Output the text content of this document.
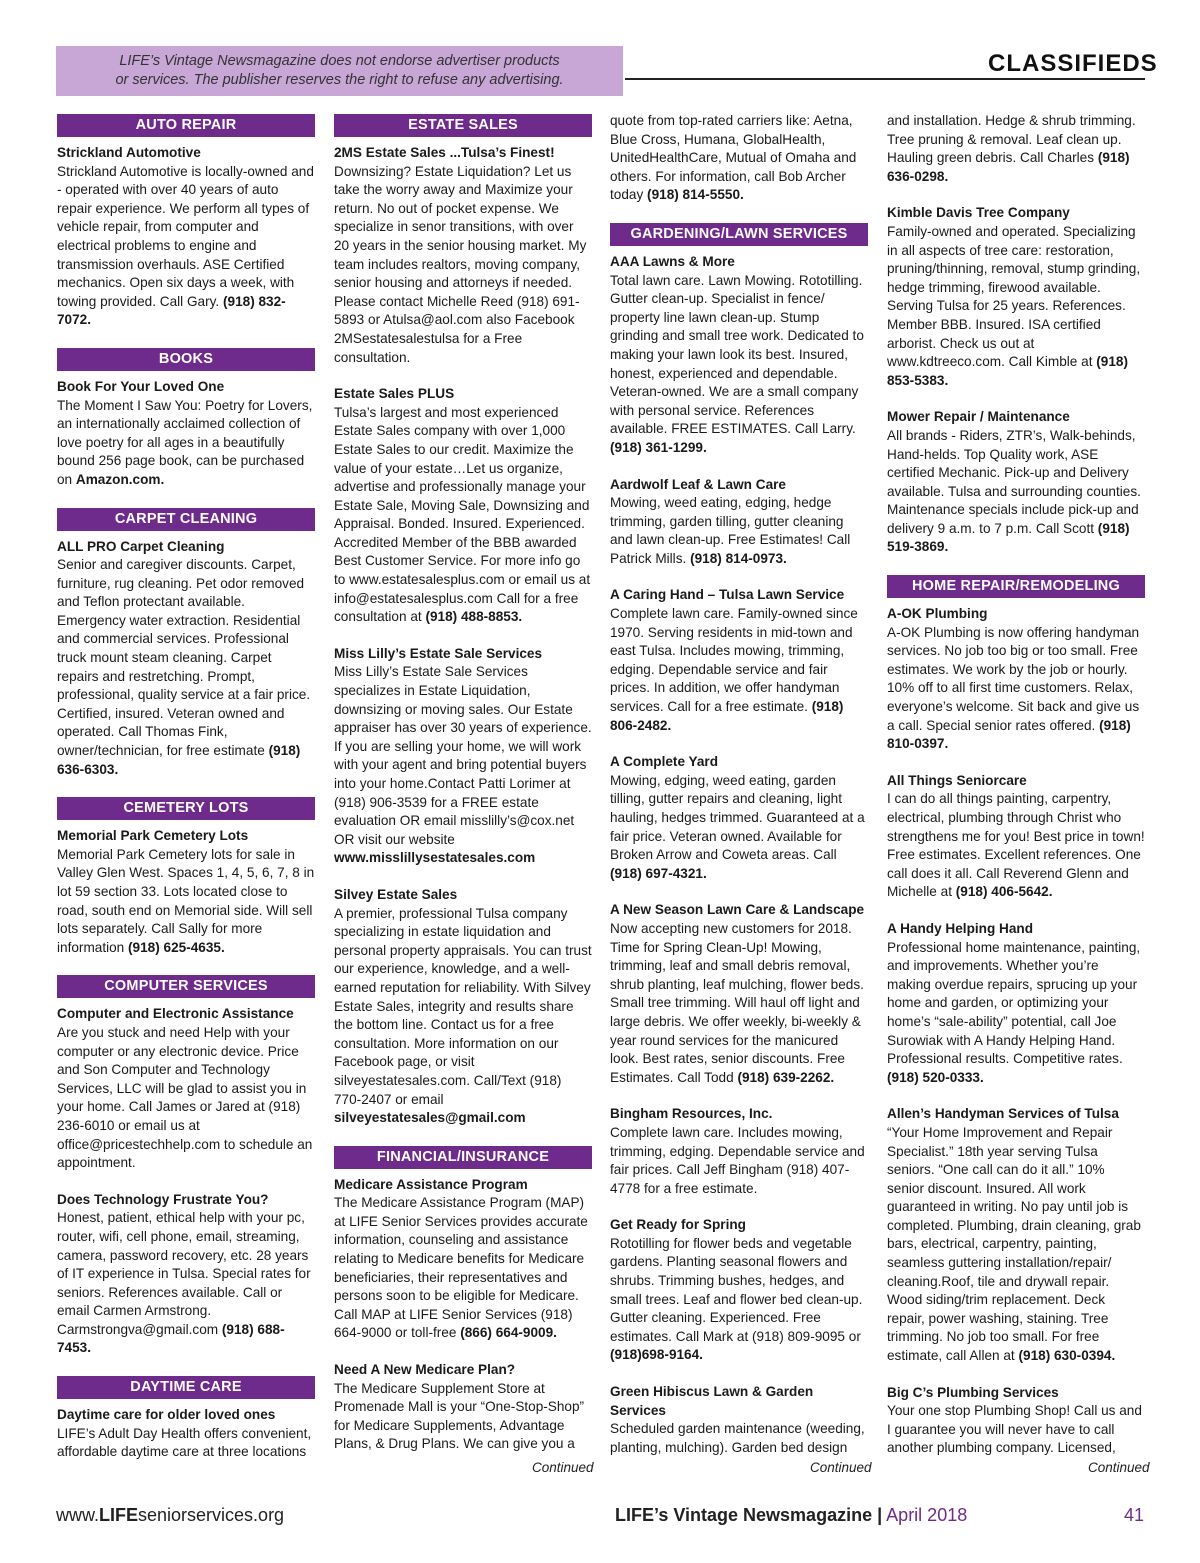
LIFE’s Vintage Newsmagazine does not endorse advertiser products
or services. The publisher reserves the right to refuse any advertising.
CLASSIFIEDS
AUTO REPAIR
Strickland Automotive
Strickland Automotive is locally-owned and - operated with over 40 years of auto repair experience. We perform all types of vehicle repair, from computer and electrical problems to engine and transmission overhauls. ASE Certified mechanics. Open six days a week, with towing provided. Call Gary. (918) 832-7072.
BOOKS
Book For Your Loved One
The Moment I Saw You: Poetry for Lovers, an internationally acclaimed collection of love poetry for all ages in a beautifully bound 256 page book, can be purchased on Amazon.com.
CARPET CLEANING
ALL PRO Carpet Cleaning
Senior and caregiver discounts. Carpet, furniture, rug cleaning. Pet odor removed and Teflon protectant available. Emergency water extraction. Residential and commercial services. Professional truck mount steam cleaning. Carpet repairs and restretching. Prompt, professional, quality service at a fair price. Certified, insured. Veteran owned and operated. Call Thomas Fink, owner/technician, for free estimate (918) 636-6303.
CEMETERY LOTS
Memorial Park Cemetery Lots
Memorial Park Cemetery lots for sale in Valley Glen West. Spaces 1, 4, 5, 6, 7, 8 in lot 59 section 33. Lots located close to road, south end on Memorial side. Will sell lots separately. Call Sally for more information (918) 625-4635.
COMPUTER SERVICES
Computer and Electronic Assistance
Are you stuck and need Help with your computer or any electronic device. Price and Son Computer and Technology Services, LLC will be glad to assist you in your home. Call James or Jared at (918) 236-6010 or email us at office@pricestechhelp.com to schedule an appointment.
Does Technology Frustrate You?
Honest, patient, ethical help with your pc, router, wifi, cell phone, email, streaming, camera, password recovery, etc. 28 years of IT experience in Tulsa. Special rates for seniors. References available. Call or email Carmen Armstrong. Carmstrongva@gmail.com (918) 688-7453.
DAYTIME CARE
Daytime care for older loved ones
LIFE’s Adult Day Health offers convenient, affordable daytime care at three locations
ESTATE SALES
2MS Estate Sales ...Tulsa’s Finest!
Downsizing? Estate Liquidation? Let us take the worry away and Maximize your return. No out of pocket expense. We specialize in senor transitions, with over 20 years in the senior housing market. My team includes realtors, moving company, senior housing and attorneys if needed. Please contact Michelle Reed (918) 691-5893 or Atulsa@aol.com also Facebook 2MSestatesalestulsa for a Free consultation.
Estate Sales PLUS
Tulsa’s largest and most experienced Estate Sales company with over 1,000 Estate Sales to our credit. Maximize the value of your estate…Let us organize, advertise and professionally manage your Estate Sale, Moving Sale, Downsizing and Appraisal. Bonded. Insured. Experienced. Accredited Member of the BBB awarded Best Customer Service. For more info go to www.estatesalesplus.com or email us at info@estatesalesplus.com Call for a free consultation at (918) 488-8853.
Miss Lilly’s Estate Sale Services
Miss Lilly’s Estate Sale Services specializes in Estate Liquidation, downsizing or moving sales. Our Estate appraiser has over 30 years of experience. If you are selling your home, we will work with your agent and bring potential buyers into your home.Contact Patti Lorimer at (918) 906-3539 for a FREE estate evaluation OR email misslilly’s@cox.net OR visit our website www.misslillysestatesales.com
Silvey Estate Sales
A premier, professional Tulsa company specializing in estate liquidation and personal property appraisals. You can trust our experience, knowledge, and a well-earned reputation for reliability. With Silvey Estate Sales, integrity and results share the bottom line. Contact us for a free consultation. More information on our Facebook page, or visit silveyestatesales.com. Call/Text (918) 770-2407 or email silveyestatesales@gmail.com
FINANCIAL/INSURANCE
Medicare Assistance Program
The Medicare Assistance Program (MAP) at LIFE Senior Services provides accurate information, counseling and assistance relating to Medicare benefits for Medicare beneficiaries, their representatives and persons soon to be eligible for Medicare. Call MAP at LIFE Senior Services (918) 664-9000 or toll-free (866) 664-9009.
Need A New Medicare Plan?
The Medicare Supplement Store at Promenade Mall is your “One-Stop-Shop” for Medicare Supplements, Advantage Plans, & Drug Plans. We can give you a
quote from top-rated carriers like: Aetna, Blue Cross, Humana, GlobalHealth, UnitedHealthCare, Mutual of Omaha and others. For information, call Bob Archer today (918) 814-5550.
GARDENING/LAWN SERVICES
AAA Lawns & More
Total lawn care. Lawn Mowing. Rototilling. Gutter clean-up. Specialist in fence/ property line lawn clean-up. Stump grinding and small tree work. Dedicated to making your lawn look its best. Insured, honest, experienced and dependable. Veteran-owned. We are a small company with personal service. References available. FREE ESTIMATES. Call Larry. (918) 361-1299.
Aardwolf Leaf & Lawn Care
Mowing, weed eating, edging, hedge trimming, garden tilling, gutter cleaning and lawn clean-up. Free Estimates! Call Patrick Mills. (918) 814-0973.
A Caring Hand – Tulsa Lawn Service
Complete lawn care. Family-owned since 1970. Serving residents in mid-town and east Tulsa. Includes mowing, trimming, edging. Dependable service and fair prices. In addition, we offer handyman services. Call for a free estimate. (918) 806-2482.
A Complete Yard
Mowing, edging, weed eating, garden tilling, gutter repairs and cleaning, light hauling, hedges trimmed. Guaranteed at a fair price. Veteran owned. Available for Broken Arrow and Coweta areas. Call (918) 697-4321.
A New Season Lawn Care & Landscape
Now accepting new customers for 2018. Time for Spring Clean-Up! Mowing, trimming, leaf and small debris removal, shrub planting, leaf mulching, flower beds. Small tree trimming. Will haul off light and large debris. We offer weekly, bi-weekly & year round services for the manicured look. Best rates, senior discounts. Free Estimates. Call Todd (918) 639-2262.
Bingham Resources, Inc.
Complete lawn care. Includes mowing, trimming, edging. Dependable service and fair prices. Call Jeff Bingham (918) 407-4778 for a free estimate.
Get Ready for Spring
Rototilling for flower beds and vegetable gardens. Planting seasonal flowers and shrubs. Trimming bushes, hedges, and small trees. Leaf and flower bed clean-up. Gutter cleaning. Experienced. Free estimates. Call Mark at (918) 809-9095 or (918)698-9164.
Green Hibiscus Lawn & Garden Services
Scheduled garden maintenance (weeding, planting, mulching). Garden bed design
and installation. Hedge & shrub trimming. Tree pruning & removal. Leaf clean up. Hauling green debris. Call Charles (918) 636-0298.
Kimble Davis Tree Company
Family-owned and operated. Specializing in all aspects of tree care: restoration, pruning/thinning, removal, stump grinding, hedge trimming, firewood available. Serving Tulsa for 25 years. References. Member BBB. Insured. ISA certified arborist. Check us out at www.kdtreeco.com. Call Kimble at (918) 853-5383.
Mower Repair / Maintenance
All brands - Riders, ZTR’s, Walk-behinds, Hand-helds. Top Quality work, ASE certified Mechanic. Pick-up and Delivery available. Tulsa and surrounding counties. Maintenance specials include pick-up and delivery 9 a.m. to 7 p.m. Call Scott (918) 519-3869.
HOME REPAIR/REMODELING
A-OK Plumbing
A-OK Plumbing is now offering handyman services. No job too big or too small. Free estimates. We work by the job or hourly. 10% off to all first time customers. Relax, everyone’s welcome. Sit back and give us a call. Special senior rates offered. (918) 810-0397.
All Things Seniorcare
I can do all things painting, carpentry, electrical, plumbing through Christ who strengthens me for you! Best price in town! Free estimates. Excellent references. One call does it all. Call Reverend Glenn and Michelle at (918) 406-5642.
A Handy Helping Hand
Professional home maintenance, painting, and improvements. Whether you’re making overdue repairs, sprucing up your home and garden, or optimizing your home’s “sale-ability” potential, call Joe Surowiak with A Handy Helping Hand. Professional results. Competitive rates. (918) 520-0333.
Allen’s Handyman Services of Tulsa
“Your Home Improvement and Repair Specialist.” 18th year serving Tulsa seniors. “One call can do it all.” 10% senior discount. Insured. All work guaranteed in writing. No pay until job is completed. Plumbing, drain cleaning, grab bars, electrical, carpentry, painting, seamless guttering installation/repair/ cleaning.Roof, tile and drywall repair. Wood siding/trim replacement. Deck repair, power washing, staining. Tree trimming. No job too small. For free estimate, call Allen at (918) 630-0394.
Big C’s Plumbing Services
Your one stop Plumbing Shop! Call us and I guarantee you will never have to call another plumbing company. Licensed,
Continued	Continued	Continued
www.LIFEseniorservices.org	LIFE’s Vintage Newsmagazine | April 2018	41
